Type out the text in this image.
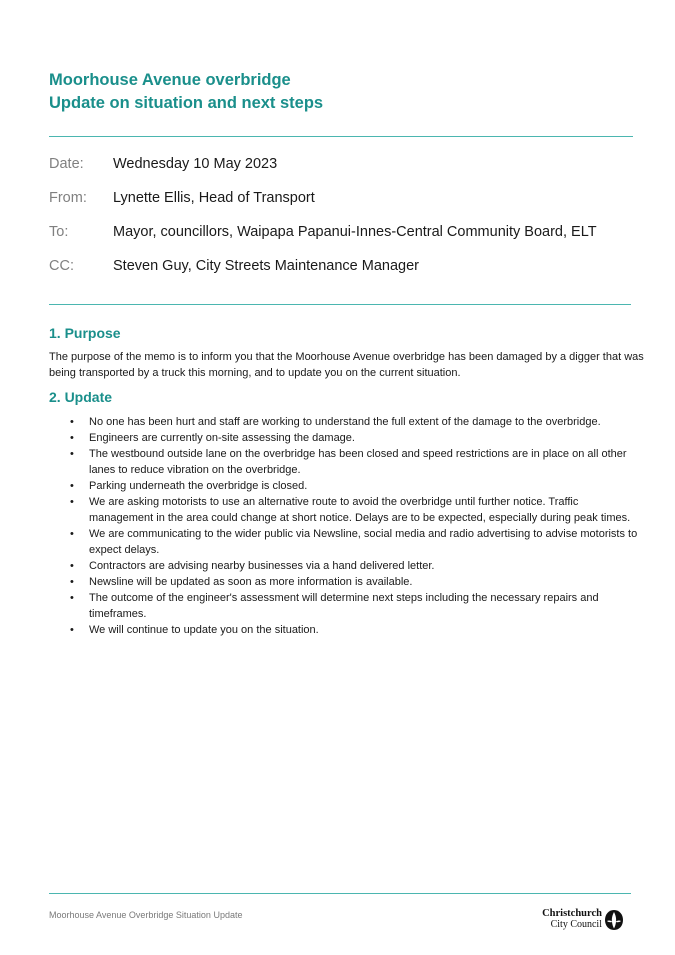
Moorhouse Avenue overbridge
Update on situation and next steps
Date: Wednesday 10 May 2023
From: Lynette Ellis, Head of Transport
To:	Mayor, councillors, Waipapa Papanui-Innes-Central Community Board, ELT
CC:	Steven Guy, City Streets Maintenance Manager
1. Purpose

The purpose of the memo is to inform you that the Moorhouse Avenue overbridge has been damaged by a digger that was being transported by a truck this morning, and to update you on the current situation.

2. Update
• No one has been hurt and staff are working to understand the full extent of the damage to the overbridge.
• Engineers are currently on-site assessing the damage.
• The westbound outside lane on the overbridge has been closed and speed restrictions are in place on all other lanes to reduce vibration on the overbridge.
• Parking underneath the overbridge is closed.
• We are asking motorists to use an alternative route to avoid the overbridge until further notice. Traffic management in the area could change at short notice. Delays are to be expected, especially during peak times.
• We are communicating to the wider public via Newsline, social media and radio advertising to advise motorists to expect delays.
• Contractors are advising nearby businesses via a hand delivered letter.
• Newsline will be updated as soon as more information is available.
• The outcome of the engineer's assessment will determine next steps including the necessary repairs and timeframes.
• We will continue to update you on the situation.
Moorhouse Avenue Overbridge Situation Update	Christchurch
City Council
